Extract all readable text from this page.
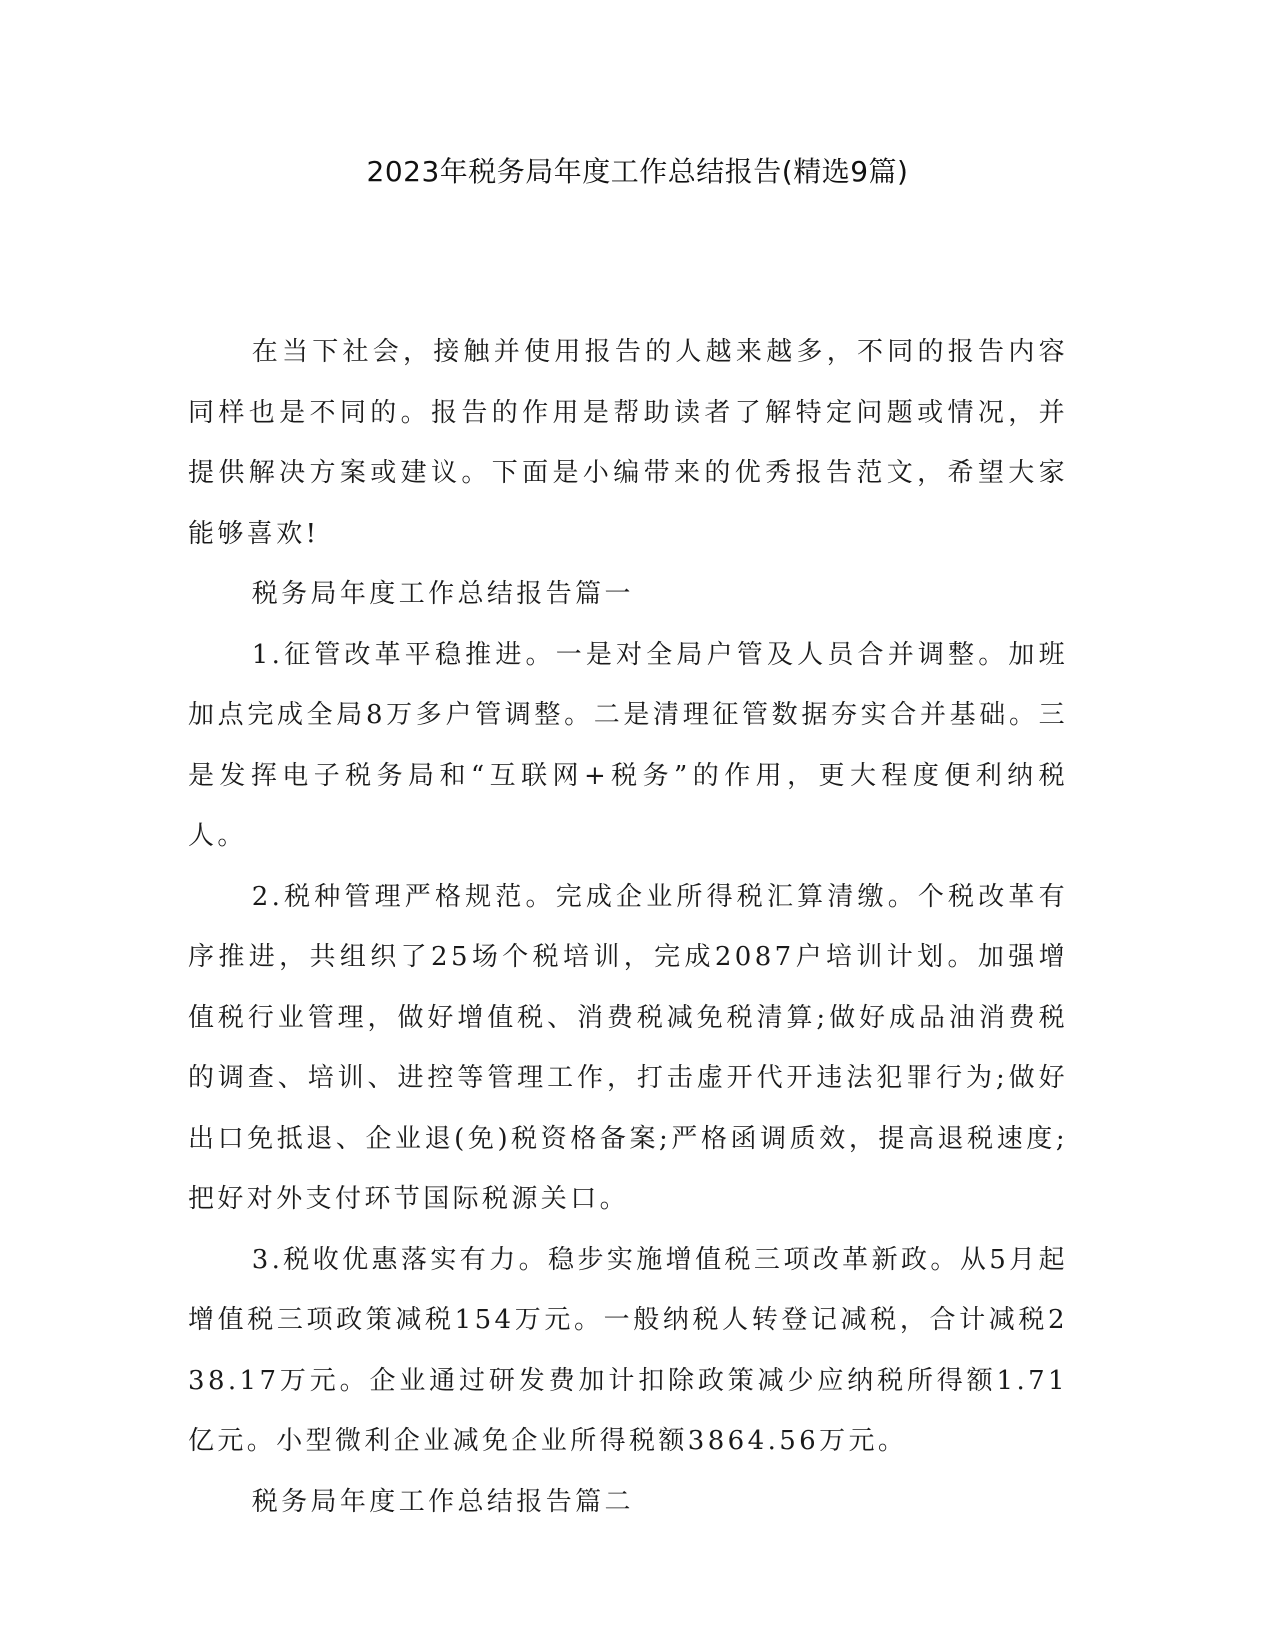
2023年税务局年度工作总结报告(精选9篇)

在当下社会，接触并使用报告的人越来越多，不同的报告内容同样也是不同的。报告的作用是帮助读者了解特定问题或情况，并提供解决方案或建议。下面是小编带来的优秀报告范文，希望大家能够喜欢!

税务局年度工作总结报告篇一

1.征管改革平稳推进。一是对全局户管及人员合并调整。加班加点完成全局8万多户管调整。二是清理征管数据夯实合并基础。三是发挥电子税务局和“互联网+税务”的作用，更大程度便利纳税人。

2.税种管理严格规范。完成企业所得税汇算清缴。个税改革有序推进，共组织了25场个税培训，完成2087户培训计划。加强增值税行业管理，做好增值税、消费税减免税清算;做好成品油消费税的调查、培训、进控等管理工作，打击虚开代开违法犯罪行为;做好出口免抵退、企业退(免)税资格备案;严格函调质效，提高退税速度;把好对外支付环节国际税源关口。

3.税收优惠落实有力。稳步实施增值税三项改革新政。从5月起增值税三项政策减税154万元。一般纳税人转登记减税，合计减税238.17万元。企业通过研发费加计扣除政策减少应纳税所得额1.71亿元。小型微利企业减免企业所得税额3864.56万元。

税务局年度工作总结报告篇二
